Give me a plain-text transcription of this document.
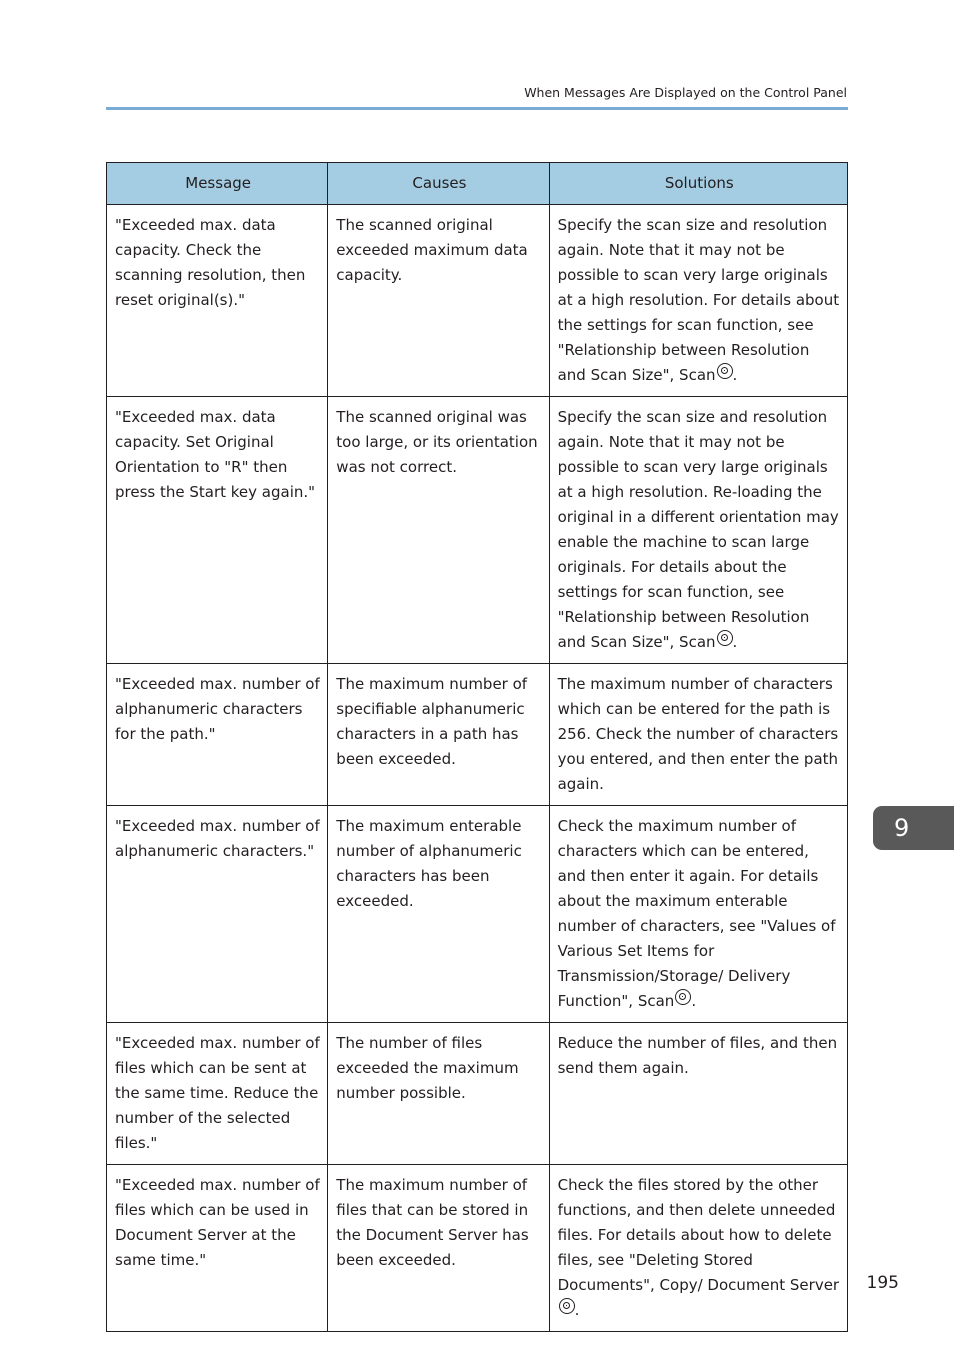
When Messages Are Displayed on the Control Panel
Message	Causes	Solutions
"Exceeded max. data capacity. Check the scanning resolution, then reset original(s)."	The scanned original exceeded maximum data capacity.	Specify the scan size and resolution again. Note that it may not be possible to scan very large originals at a high resolution. For details about the settings for scan function, see "Relationship between Resolution and Scan Size", Scan .
"Exceeded max. data capacity. Set Original Orientation to "R" then press the Start key again."	The scanned original was too large, or its orientation was not correct.	Specify the scan size and resolution again. Note that it may not be possible to scan very large originals at a high resolution. Re-loading the original in a different orientation may enable the machine to scan large originals. For details about the settings for scan function, see "Relationship between Resolution and Scan Size", Scan .
"Exceeded max. number of alphanumeric characters for the path."	The maximum number of specifiable alphanumeric characters in a path has been exceeded.	The maximum number of characters which can be entered for the path is 256. Check the number of characters you entered, and then enter the path again.
"Exceeded max. number of alphanumeric characters."	The maximum enterable number of alphanumeric characters has been exceeded.	Check the maximum number of characters which can be entered, and then enter it again. For details about the maximum enterable number of characters, see "Values of Various Set Items for Transmission/Storage/ Delivery Function", Scan .
"Exceeded max. number of files which can be sent at the same time. Reduce the number of the selected files."	The number of files exceeded the maximum number possible.	Reduce the number of files, and then send them again.
"Exceeded max. number of files which can be used in Document Server at the same time."	The maximum number of files that can be stored in the Document Server has been exceeded.	Check the files stored by the other functions, and then delete unneeded files. For details about how to delete files, see "Deleting Stored Documents", Copy/ Document Server.
9
195
